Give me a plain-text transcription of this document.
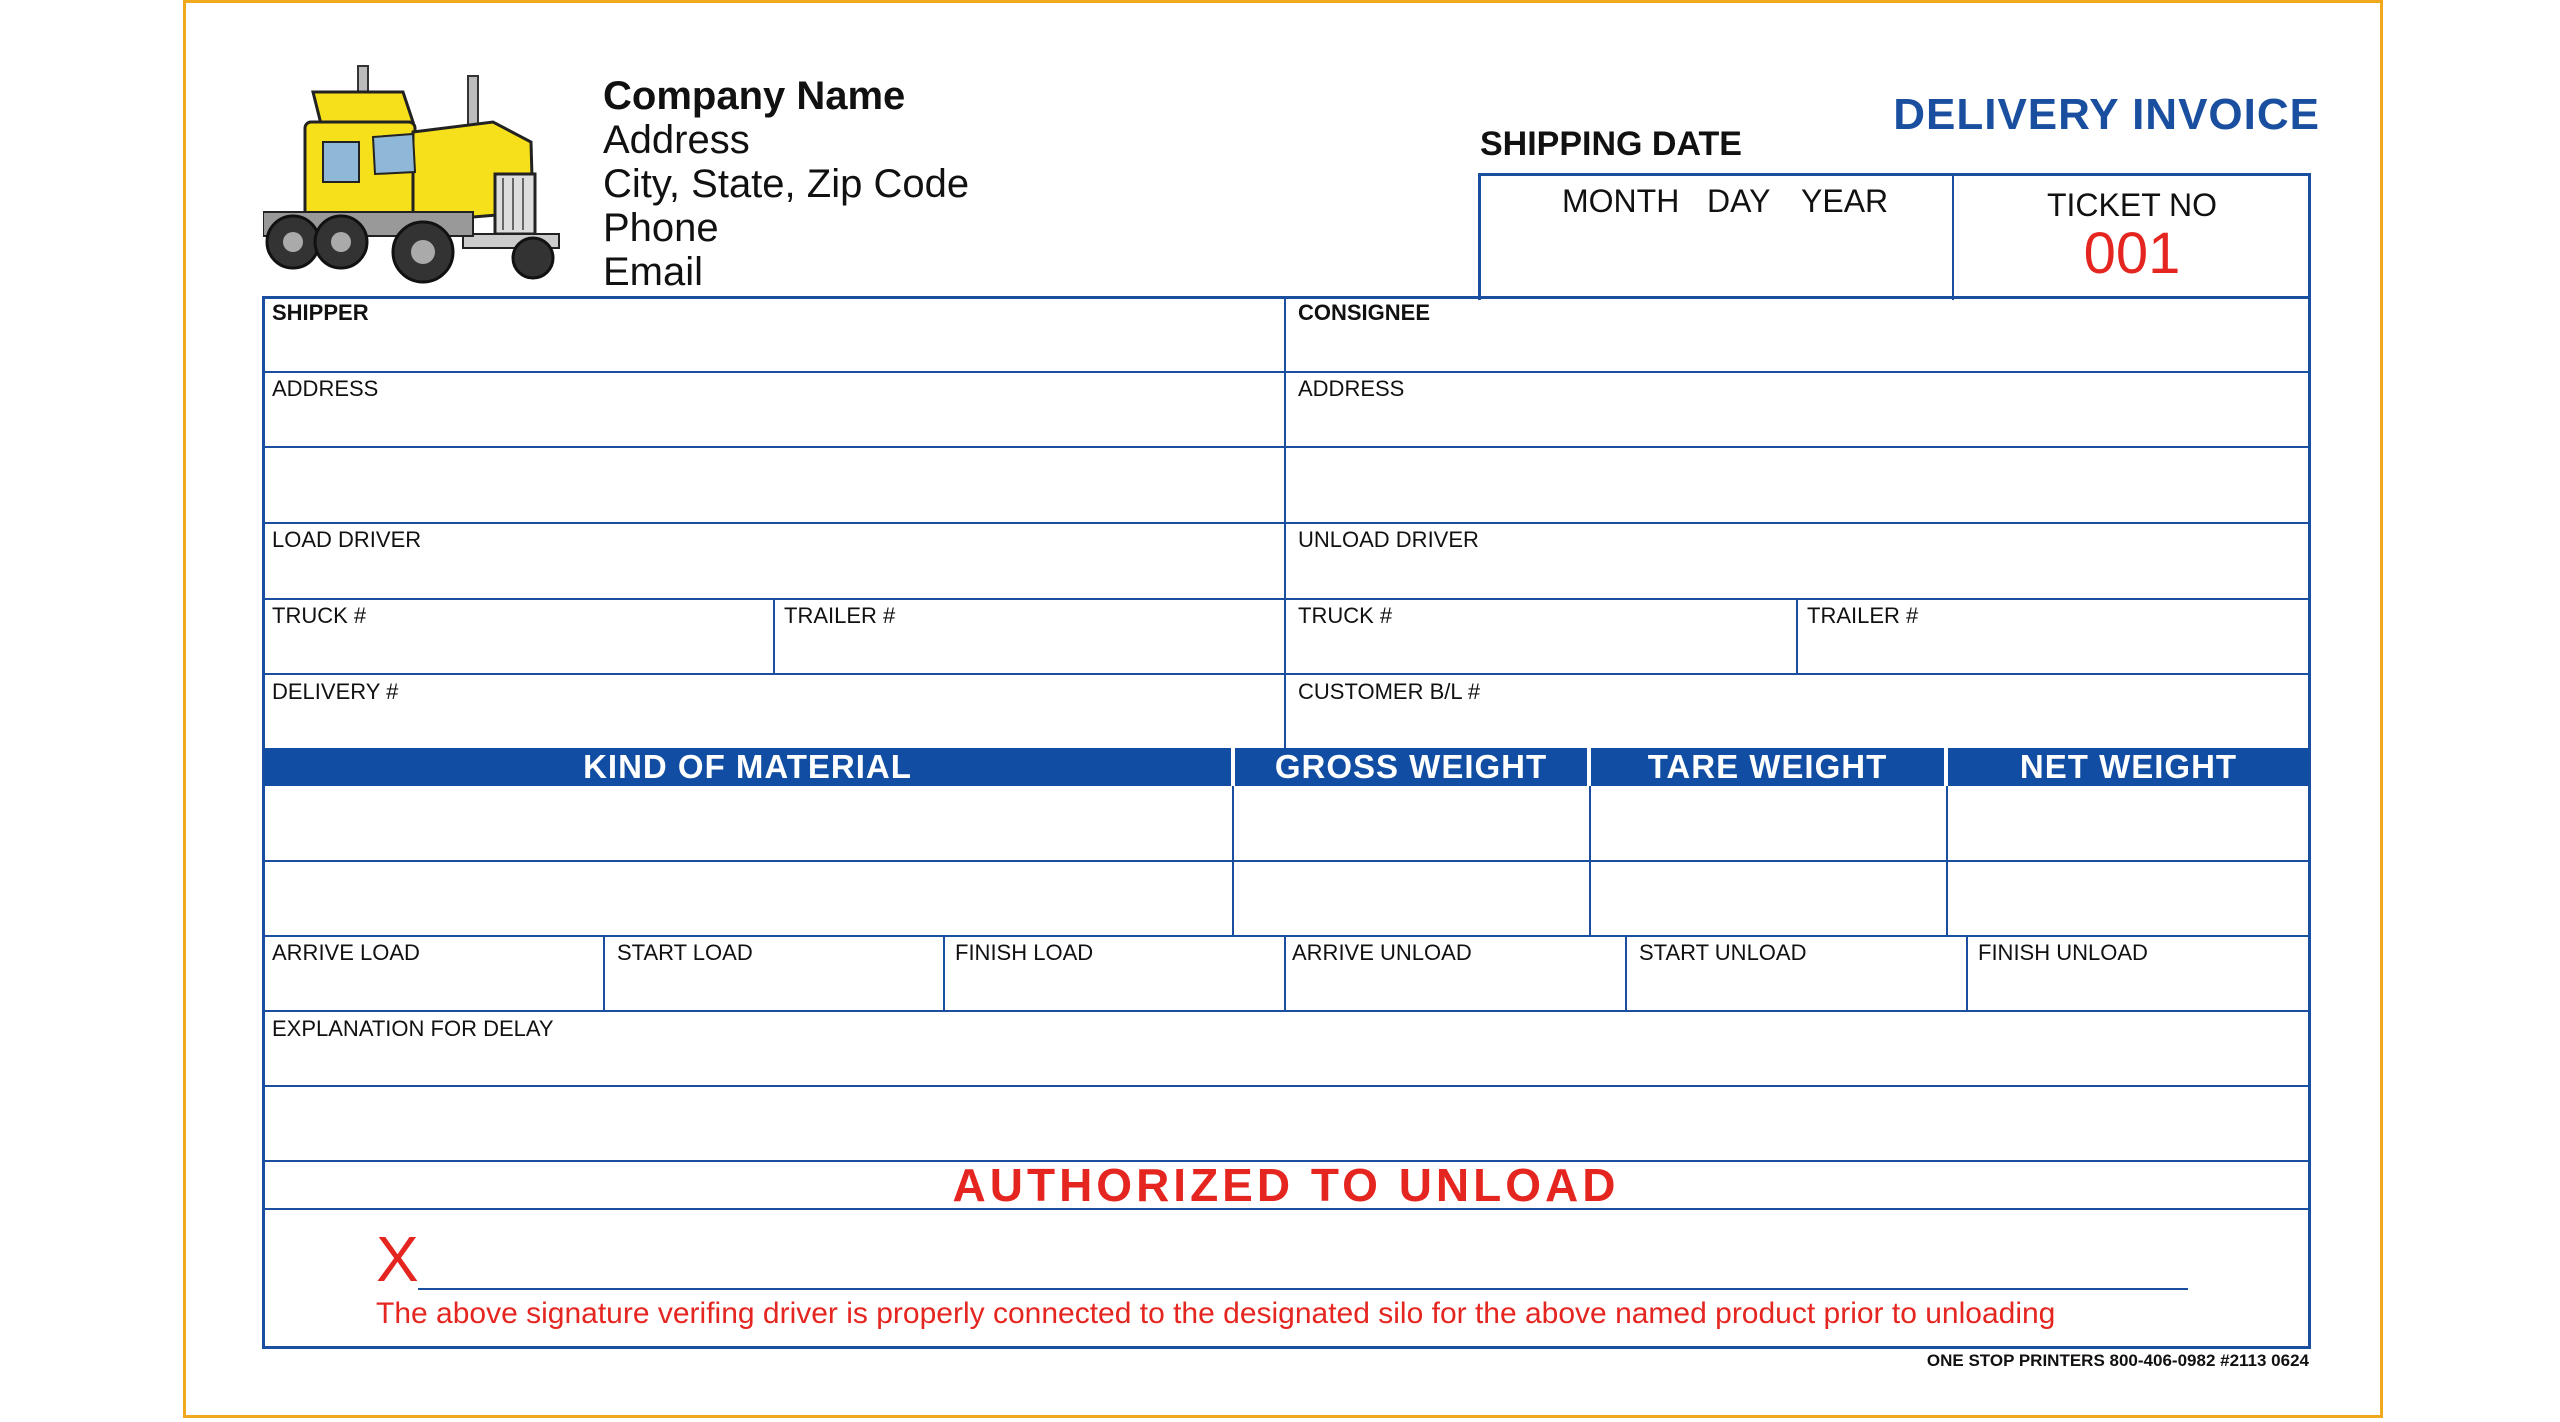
Company Name
Address
City, State, Zip Code
Phone
Email
DELIVERY INVOICE
SHIPPING DATE
MONTH DAY YEAR	TICKET NO
001
SHIPPER	CONSIGNEE
ADDRESS	ADDRESS
LOAD DRIVER	UNLOAD DRIVER
TRUCK #	TRAILER #	TRUCK #	TRAILER #
DELIVERY #	CUSTOMER B/L #
KIND OF MATERIAL	GROSS WEIGHT	TARE WEIGHT	NET WEIGHT
ARRIVE LOAD	START LOAD	FINISH LOAD	ARRIVE UNLOAD	START UNLOAD	FINISH UNLOAD
EXPLANATION FOR DELAY
AUTHORIZED TO UNLOAD
X
The above signature verifing driver is properly connected to the designated silo for the above named product prior to unloading
ONE STOP PRINTERS 800-406-0982 #2113 0624
